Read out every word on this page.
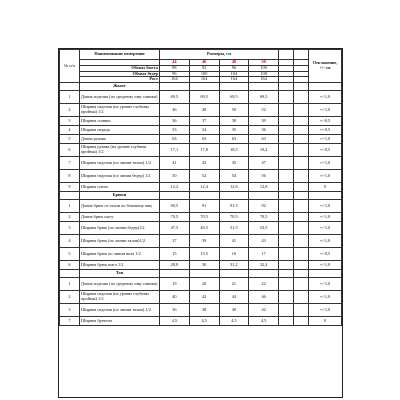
№ п/п	Наименование измерения	Размеры, см						Отклонение, +/- см
		44	46	48	50			
	Обхват бюста	88	92	96	100			
	Обхват бедер	96	100	104	108			
	Рост	164	164	164	164			
	Жакет							
1	Длина изделия (по среднему шву спинки)	69,5	69,5	69,5	69,5			+/-1,0
2	Ширина изделия (на уровне глубины проймы) 1/2	46	48	50	52			+/-1,0
3	Ширина спинки	36	37	38	39			+/-0,5
4	Ширина переда	33	34	35	36			+/-0,5
5	Длина рукава	63	63	63	63			+/-1,0
6	Ширина рукава (на уровне глубины проймы) 1/2	17,1	17,8	18,5	19,2			+/-0,5
7	Ширина изделия (по линии талии) 1/2	41	43	45	47			+/-1,0
8	Ширина изделия (по линии бедер) 1/2	50	52	54	56			+/-1,0
9	Ширина плеча	12,2	12,4	12,6	12,8			0
	Брюки							
1	Длина брюк от талии по боковому шву	90,5	91	91,5	92			+/-1,0
2	Длина брюк шагу	70,5	70,5	70,5	70,5			+/-1,0
3	Ширина брюк (по линии бедер)1/2	47,5	49,5	51,5	53,5			+/-1,0
4	Ширина брюк (по линии талии)1/2	37	39	41	43			+/-1,0
5	Ширина брюк по линии низа 1/2	15	15,5	16	17			+/-0,5
6	Ширина брюк шага 1/2	28,8	30	31,2	32,4			+/-1,0
	Топ							
1	Длина изделия (по среднему шву спинки)	19	20	21	22			+/-1,0
2	Ширина изделия (на уровне глубины проймы) 1/2	40	42	44	46			+/-1,0
3	Ширина изделия (по линии талии) 1/2	36	38	40	42			+/-1,0
7	Ширина бретели	4,5	4,5	4,5	4,5			0
